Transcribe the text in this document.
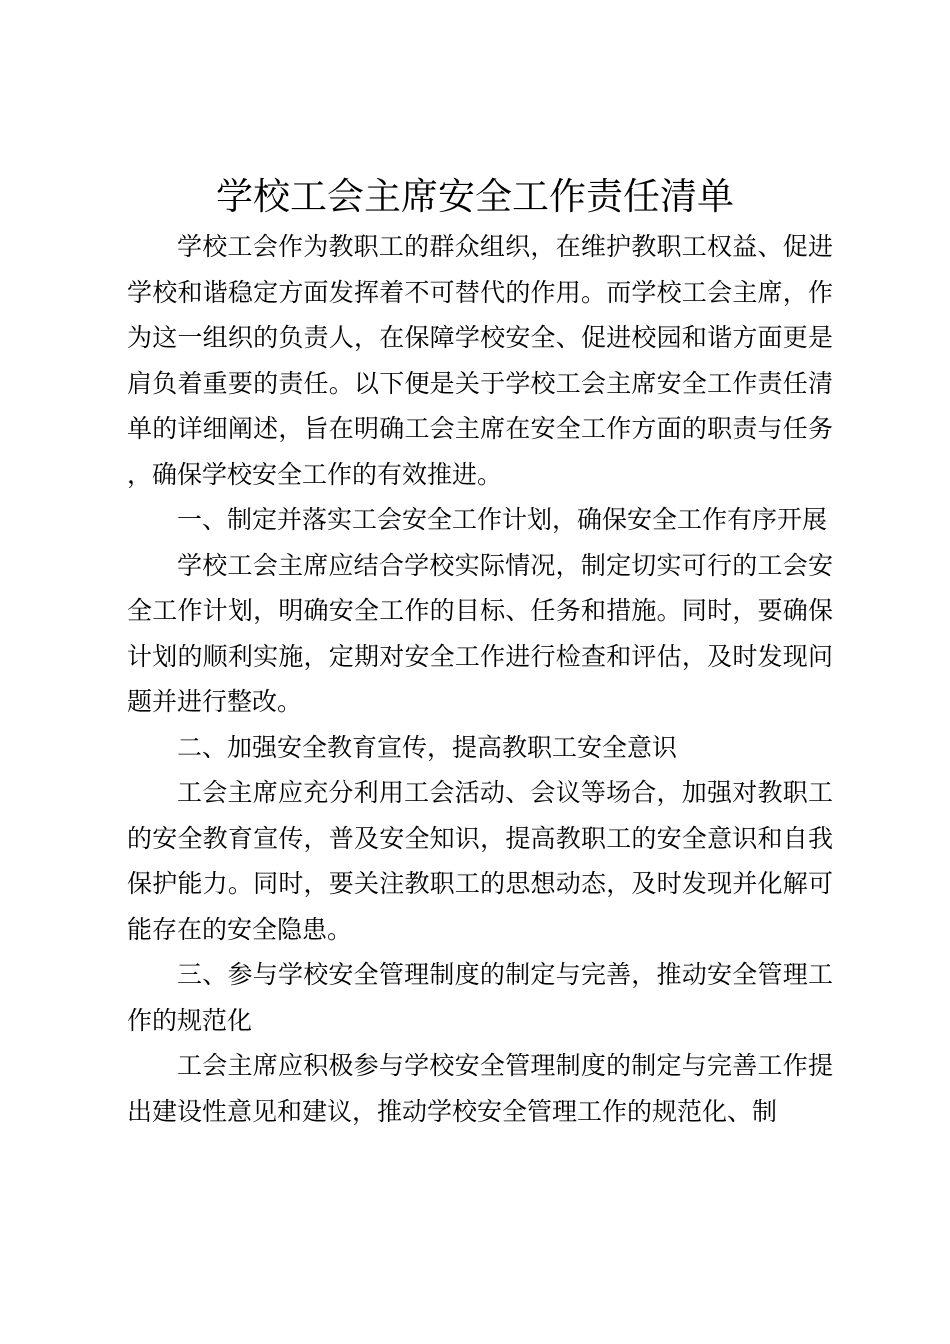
学校工会主席安全工作责任清单

学校工会作为教职工的群众组织，在维护教职工权益、促进学校和谐稳定方面发挥着不可替代的作用。而学校工会主席，作为这一组织的负责人，在保障学校安全、促进校园和谐方面更是肩负着重要的责任。以下便是关于学校工会主席安全工作责任清单的详细阐述，旨在明确工会主席在安全工作方面的职责与任务，确保学校安全工作的有效推进。

一、制定并落实工会安全工作计划，确保安全工作有序开展

学校工会主席应结合学校实际情况，制定切实可行的工会安全工作计划，明确安全工作的目标、任务和措施。同时，要确保计划的顺利实施，定期对安全工作进行检查和评估，及时发现问题并进行整改。

二、加强安全教育宣传，提高教职工安全意识

工会主席应充分利用工会活动、会议等场合，加强对教职工的安全教育宣传，普及安全知识，提高教职工的安全意识和自我保护能力。同时，要关注教职工的思想动态，及时发现并化解可能存在的安全隐患。

三、参与学校安全管理制度的制定与完善，推动安全管理工作的规范化

工会主席应积极参与学校安全管理制度的制定与完善工作提出建设性意见和建议，推动学校安全管理工作的规范化、制
